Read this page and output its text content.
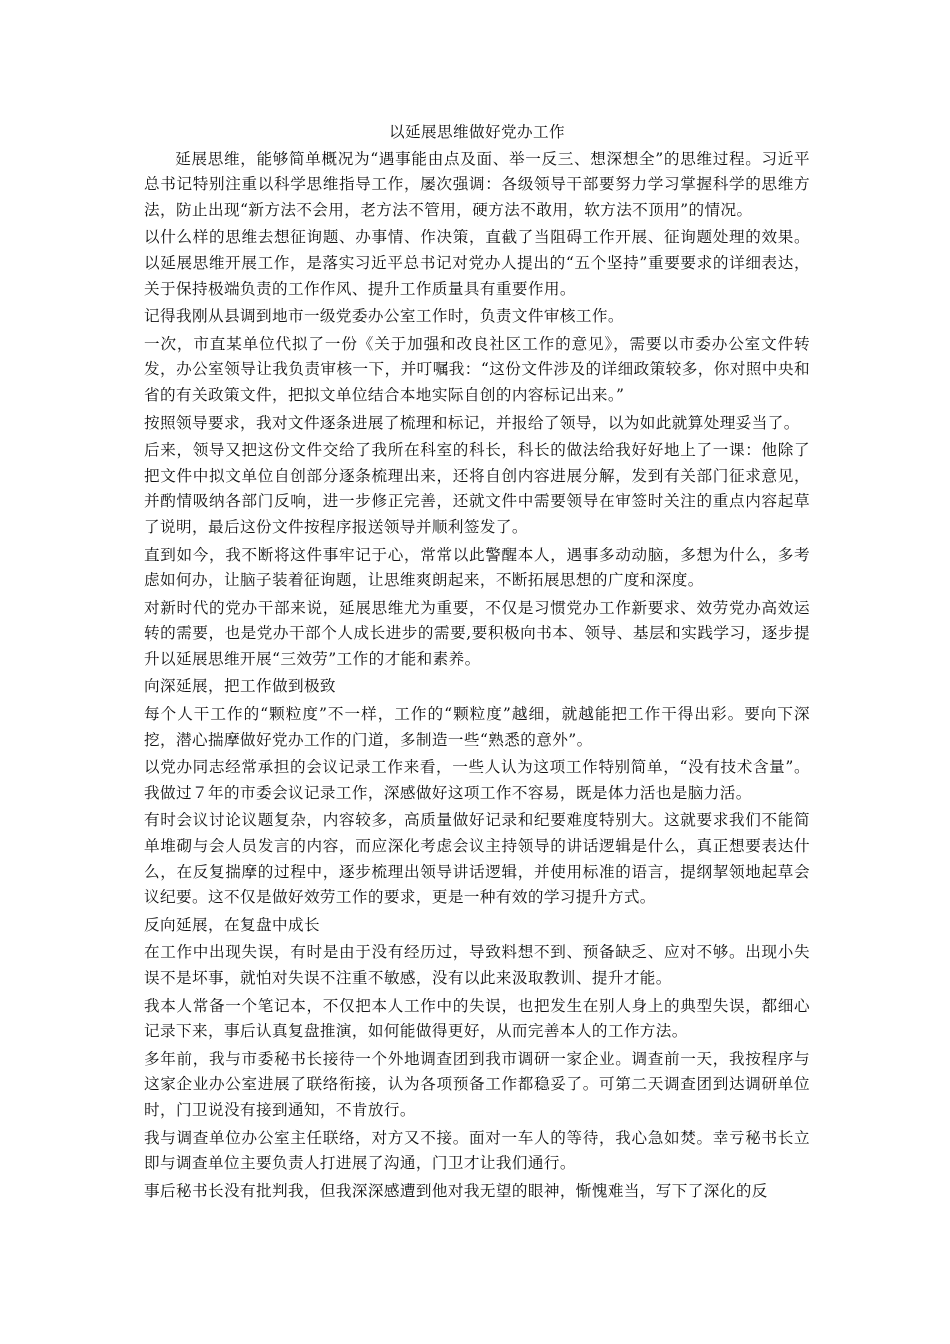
以延展思维做好党办工作
延展思维，能够简单概况为“遇事能由点及面、举一反三、想深想全”的思维过程。习近平总书记特别注重以科学思维指导工作，屡次强调：各级领导干部要努力学习掌握科学的思维方法，防止出现“新方法不会用，老方法不管用，硬方法不敢用，软方法不顶用”的情况。
以什么样的思维去想征询题、办事情、作决策，直截了当阻碍工作开展、征询题处理的效果。以延展思维开展工作，是落实习近平总书记对党办人提出的“五个坚持”重要要求的详细表达，关于保持极端负责的工作作风、提升工作质量具有重要作用。
记得我刚从县调到地市一级党委办公室工作时，负责文件审核工作。
一次，市直某单位代拟了一份《关于加强和改良社区工作的意见》，需要以市委办公室文件转发，办公室领导让我负责审核一下，并叮嘱我：“这份文件涉及的详细政策较多，你对照中央和省的有关政策文件，把拟文单位结合本地实际自创的内容标记出来。”
按照领导要求，我对文件逐条进展了梳理和标记，并报给了领导，以为如此就算处理妥当了。
后来，领导又把这份文件交给了我所在科室的科长，科长的做法给我好好地上了一课：他除了把文件中拟文单位自创部分逐条梳理出来，还将自创内容进展分解，发到有关部门征求意见，并酌情吸纳各部门反响，进一步修正完善，还就文件中需要领导在审签时关注的重点内容起草了说明，最后这份文件按程序报送领导并顺利签发了。
直到如今，我不断将这件事牢记于心，常常以此警醒本人，遇事多动动脑，多想为什么，多考虑如何办，让脑子装着征询题，让思维爽朗起来，不断拓展思想的广度和深度。
对新时代的党办干部来说，延展思维尤为重要，不仅是习惯党办工作新要求、效劳党办高效运转的需要，也是党办干部个人成长进步的需要,要积极向书本、领导、基层和实践学习，逐步提升以延展思维开展“三效劳”工作的才能和素养。
向深延展，把工作做到极致
每个人干工作的“颗粒度”不一样，工作的“颗粒度”越细，就越能把工作干得出彩。要向下深挖，潜心揣摩做好党办工作的门道，多制造一些“熟悉的意外”。
以党办同志经常承担的会议记录工作来看，一些人认为这项工作特别简单，“没有技术含量”。我做过７年的市委会议记录工作，深感做好这项工作不容易，既是体力活也是脑力活。
有时会议讨论议题复杂，内容较多，高质量做好记录和纪要难度特别大。这就要求我们不能简单堆砌与会人员发言的内容，而应深化考虑会议主持领导的讲话逻辑是什么，真正想要表达什么，在反复揣摩的过程中，逐步梳理出领导讲话逻辑，并使用标准的语言，提纲挈领地起草会议纪要。这不仅是做好效劳工作的要求，更是一种有效的学习提升方式。
反向延展，在复盘中成长
在工作中出现失误，有时是由于没有经历过，导致料想不到、预备缺乏、应对不够。出现小失误不是坏事，就怕对失误不注重不敏感，没有以此来汲取教训、提升才能。
我本人常备一个笔记本，不仅把本人工作中的失误，也把发生在别人身上的典型失误，都细心记录下来，事后认真复盘推演，如何能做得更好，从而完善本人的工作方法。
多年前，我与市委秘书长接待一个外地调查团到我市调研一家企业。调查前一天，我按程序与这家企业办公室进展了联络衔接，认为各项预备工作都稳妥了。可第二天调查团到达调研单位时，门卫说没有接到通知，不肯放行。
我与调查单位办公室主任联络，对方又不接。面对一车人的等待，我心急如焚。幸亏秘书长立即与调查单位主要负责人打进展了沟通，门卫才让我们通行。
事后秘书长没有批判我，但我深深感遭到他对我无望的眼神，惭愧难当，写下了深化的反
